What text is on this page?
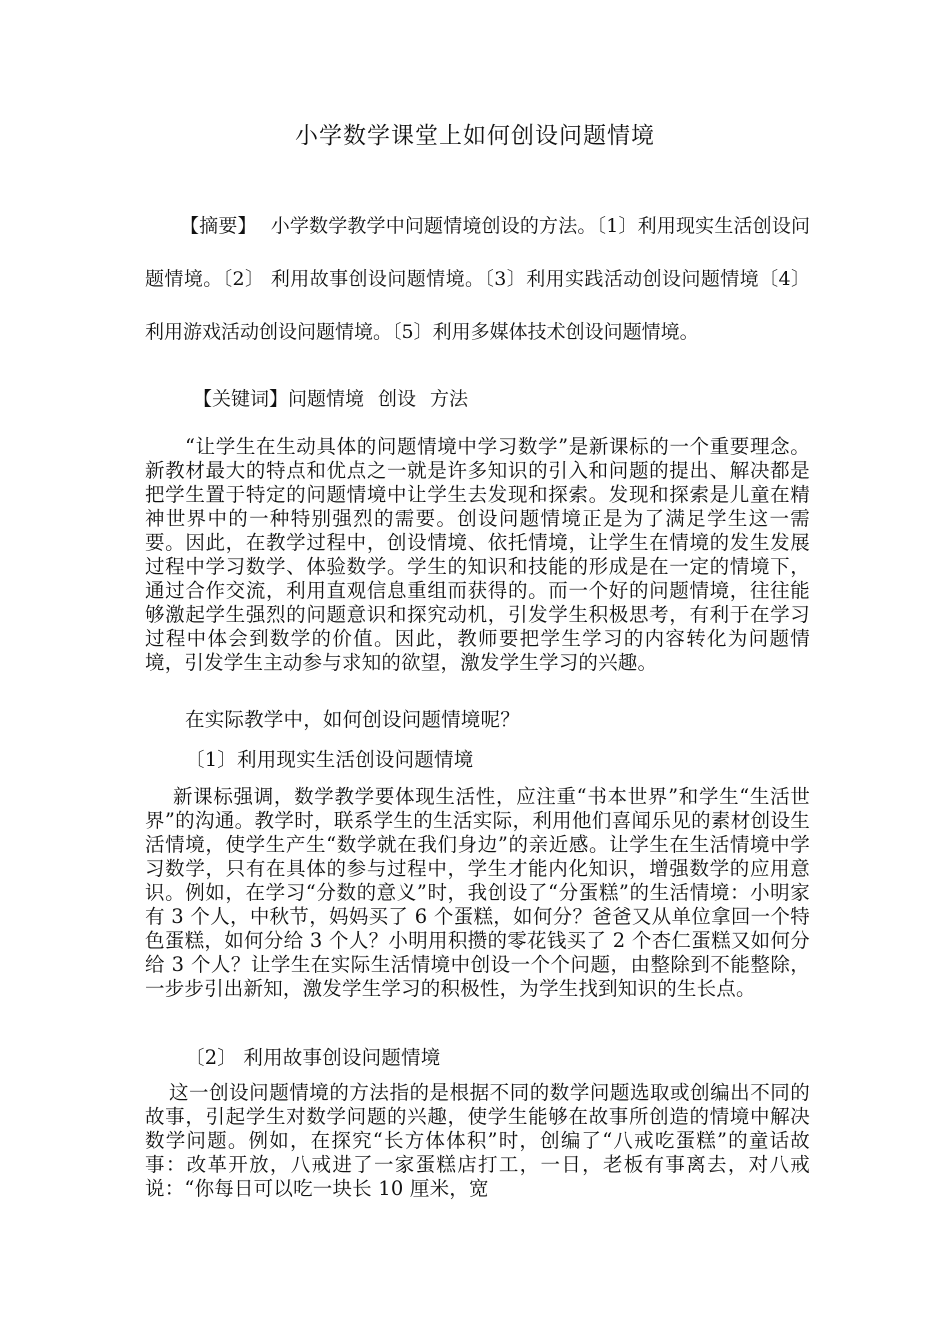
小学数学课堂上如何创设问题情境

【摘要】 小学数学教学中问题情境创设的方法。〔1〕利用现实生活创设问题情境。〔2〕 利用故事创设问题情境。〔3〕利用实践活动创设问题情境〔4〕利用游戏活动创设问题情境。〔5〕利用多媒体技术创设问题情境。

【关键词】问题情境 创设 方法

“让学生在生动具体的问题情境中学习数学”是新课标的一个重要理念。新教材最大的特点和优点之一就是许多知识的引入和问题的提出、解决都是把学生置于特定的问题情境中让学生去发现和探索。发现和探索是儿童在精神世界中的一种特别强烈的需要。创设问题情境正是为了满足学生这一需要。因此，在教学过程中，创设情境、依托情境，让学生在情境的发生发展过程中学习数学、体验数学。学生的知识和技能的形成是在一定的情境下，通过合作交流，利用直观信息重组而获得的。而一个好的问题情境，往往能够激起学生强烈的问题意识和探究动机，引发学生积极思考，有利于在学习过程中体会到数学的价值。因此，教师要把学生学习的内容转化为问题情境，引发学生主动参与求知的欲望，激发学生学习的兴趣。

在实际教学中，如何创设问题情境呢？

〔1〕利用现实生活创设问题情境

新课标强调，数学教学要体现生活性，应注重“书本世界”和学生“生活世界”的沟通。教学时，联系学生的生活实际，利用他们喜闻乐见的素材创设生活情境，使学生产生“数学就在我们身边”的亲近感。让学生在生活情境中学习数学，只有在具体的参与过程中，学生才能内化知识，增强数学的应用意识。例如，在学习“分数的意义”时，我创设了“分蛋糕”的生活情境：小明家有 3 个人，中秋节，妈妈买了 6 个蛋糕，如何分？爸爸又从单位拿回一个特色蛋糕，如何分给 3 个人？小明用积攒的零花钱买了 2 个杏仁蛋糕又如何分给 3 个人？让学生在实际生活情境中创设一个个问题，由整除到不能整除，一步步引出新知，激发学生学习的积极性，为学生找到知识的生长点。

〔2〕 利用故事创设问题情境

这一创设问题情境的方法指的是根据不同的数学问题选取或创编出不同的故事，引起学生对数学问题的兴趣，使学生能够在故事所创造的情境中解决数学问题。例如，在探究“长方体体积”时，创编了“八戒吃蛋糕”的童话故事：改革开放，八戒进了一家蛋糕店打工，一日，老板有事离去，对八戒说：“你每日可以吃一块长 10 厘米，宽
